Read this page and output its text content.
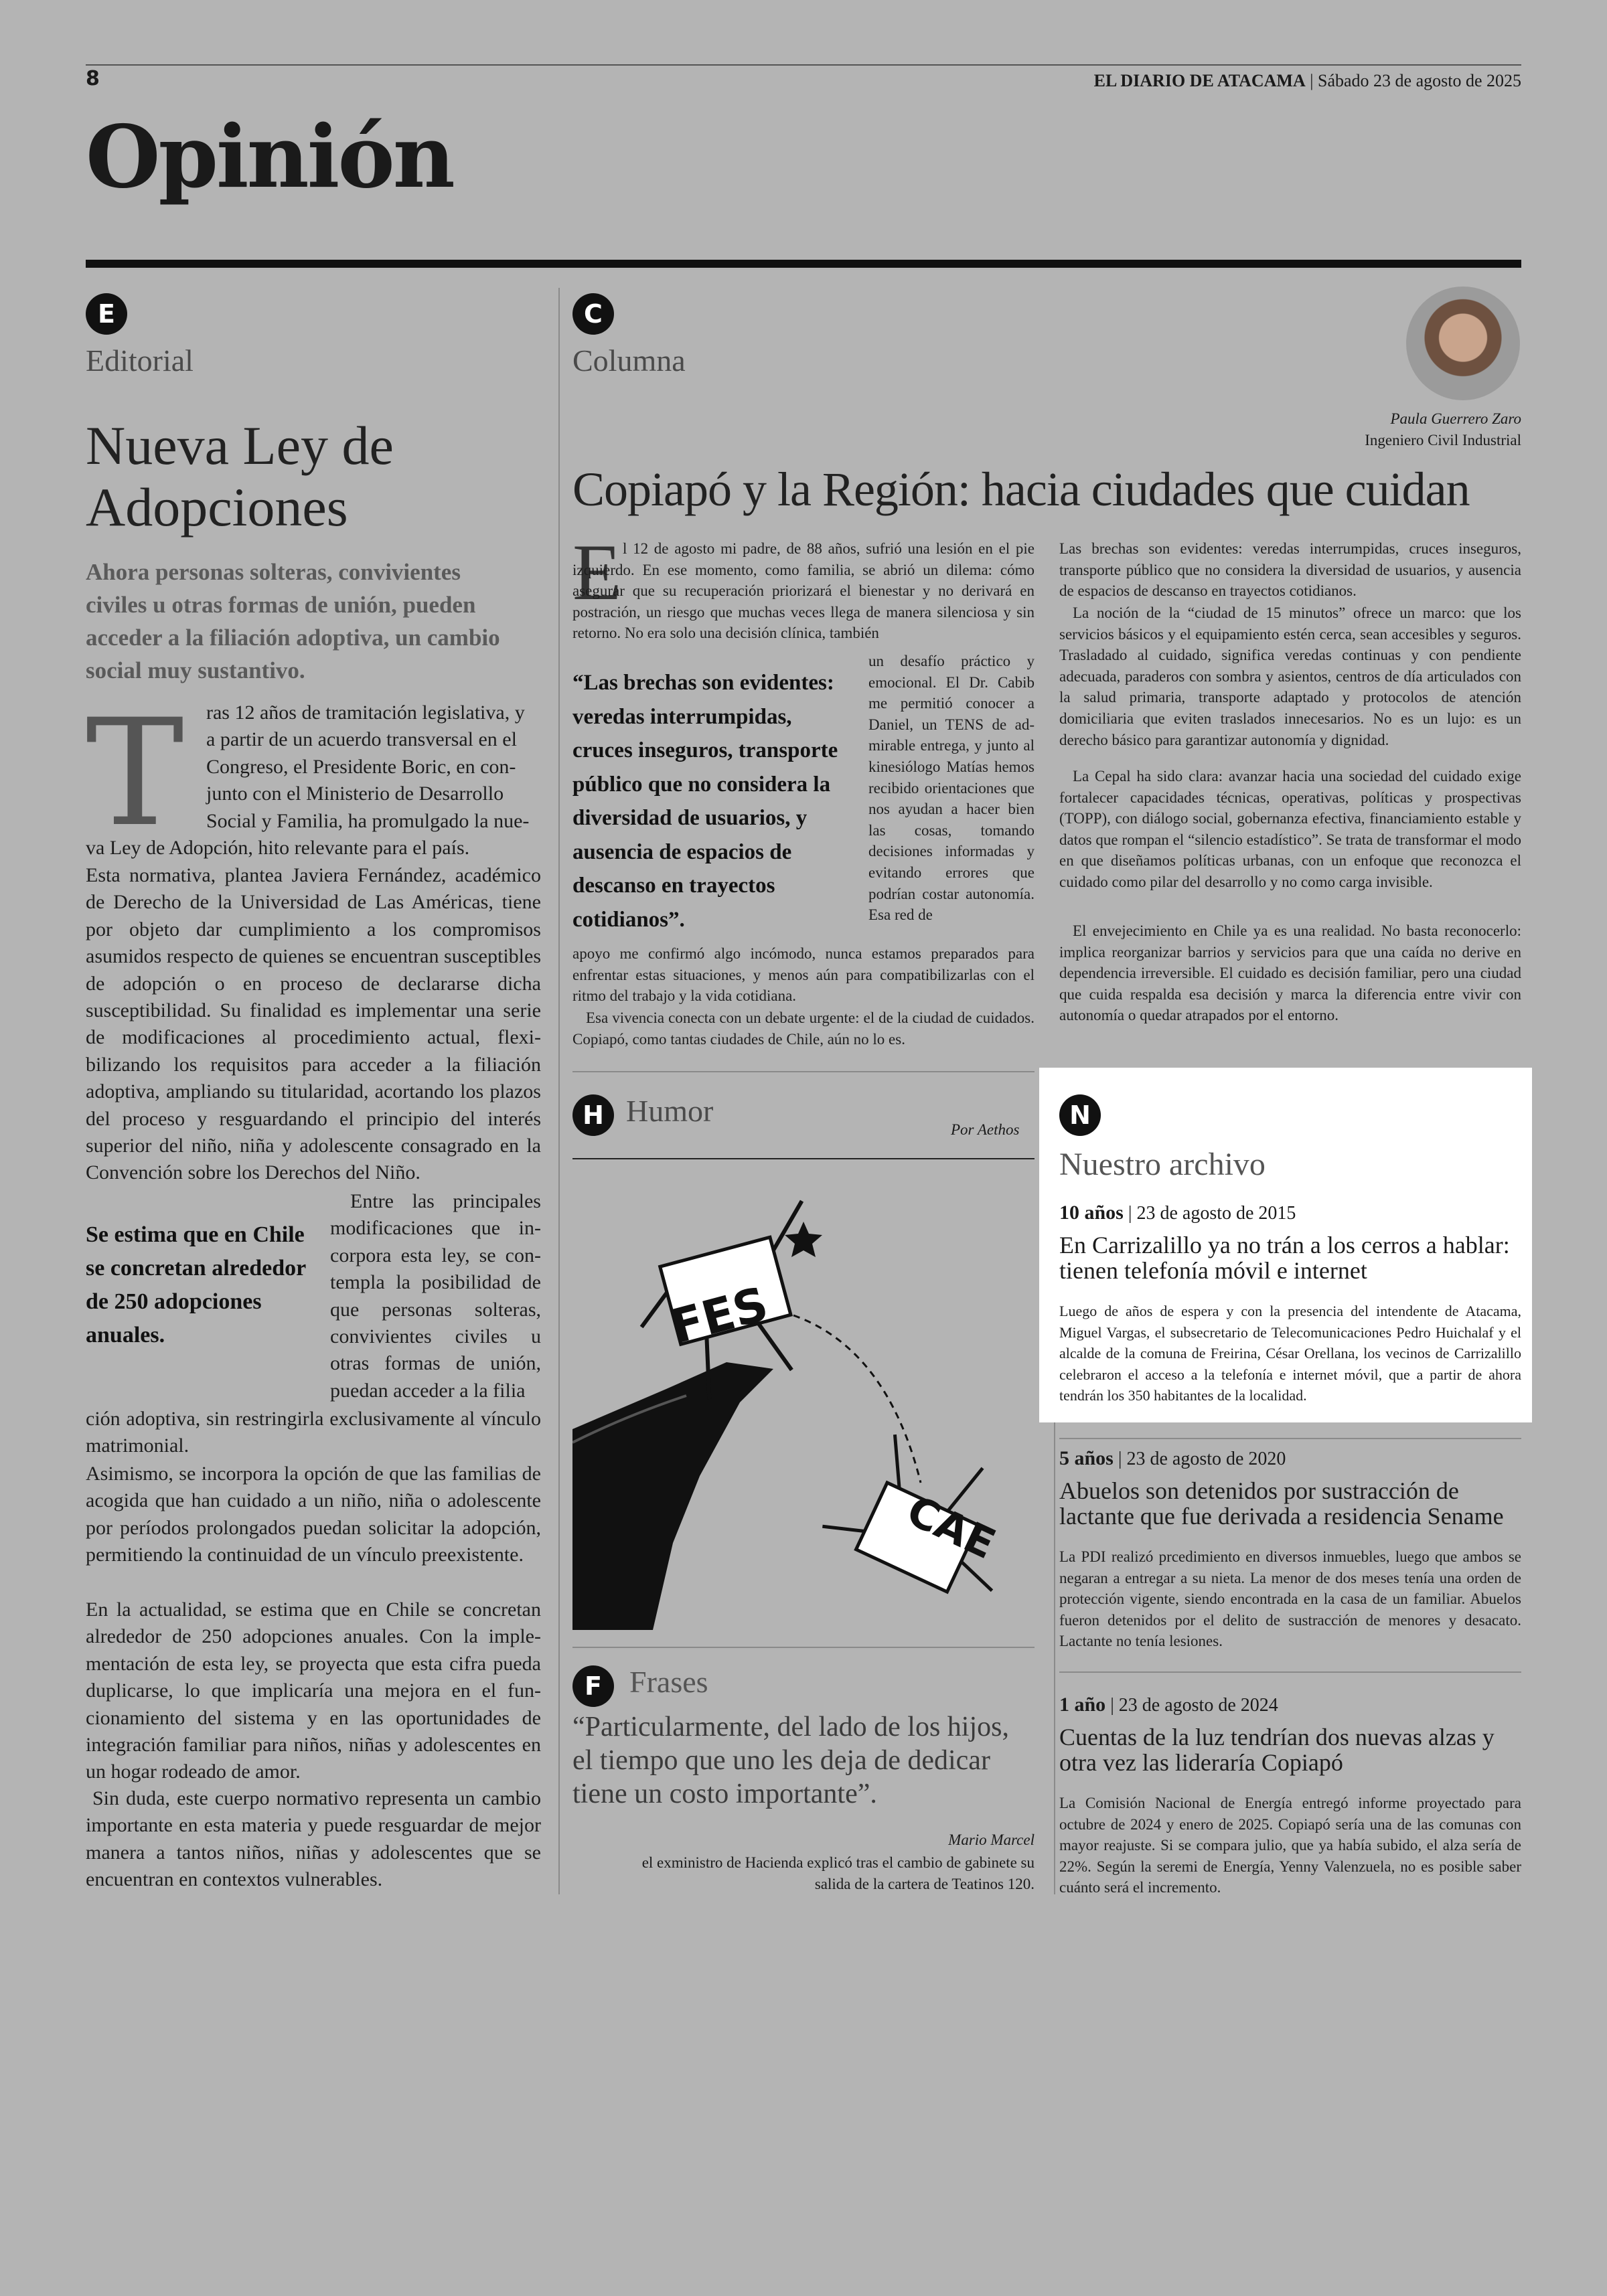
8	EL DIARIO DE ATACAMA | Sábado 23 de agosto de 2025
Opinión
E
Editorial
Nueva Ley de
Adopciones
Ahora personas solteras, convivientes civiles u otras formas de unión, pueden acceder a la filiación adoptiva, un cambio social muy sustantivo.
T ras 12 años de tramitación legislativa, y
a partir de un acuerdo transversal en el
Congreso, el Presidente Boric, en con-
junto con el Ministerio de Desarrollo
Social y Familia, ha promulgado la nue-
va Ley de Adopción, hito relevante para el país.
Esta normativa, plantea Javiera Fernández, académico de Derecho de la Universidad de Las Américas, tiene por objeto dar cumplimiento a los compromisos asumidos respecto de quienes se encuentran susceptibles de adopción o en proceso de declararse dicha susceptibilidad. Su finalidad es implementar una serie de modificaciones al procedimiento actual, flexibilizando los requisitos para acceder a la filiación adoptiva, ampliando su titularidad, acortando los plazos del proceso y resguardando el principio del interés superior del niño, niña y adolescente consagrado en la Convención sobre los Derechos del Niño.
Se estima que en Chile se concretan alrededor de 250 adopciones anuales.
Entre las principales modificaciones que incorpora esta ley, se contempla la posibilidad de que personas solteras, convivientes civiles u otras formas de unión, puedan acceder a la filia
ción adoptiva, sin restringirla exclusivamente al vínculo matrimonial.
Asimismo, se incorpora la opción de que las familias de acogida que han cuidado a un niño, niña o adolescente por períodos prolongados puedan solicitar la adopción, permitiendo la continuidad de un vínculo preexistente.
En la actualidad, se estima que en Chile se concretan alrededor de 250 adopciones anuales. Con la implementación de esta ley, se proyecta que esta cifra pueda duplicarse, lo que implicaría una mejora en el funcionamiento del sistema y en las oportunidades de integración familiar para niños, niñas y adolescentes en un hogar rodeado de amor.
Sin duda, este cuerpo normativo representa un cambio importante en esta materia y puede resguardar de mejor manera a tantos niños, niñas y adolescentes que se encuentran en contextos vulnerables.
C
Columna
Paula Guerrero Zaro
Ingeniero Civil Industrial
Copiapó y la Región: hacia ciudades que cuidan
E l 12 de agosto mi padre, de 88 años, sufrió una lesión en el pie izquierdo. En ese momento, como familia, se abrió un dilema: cómo asegurar que su recuperación priorizará el bienestar y no derivará en postración, un riesgo que muchas veces llega de manera silenciosa y sin retorno. No era solo una decisión clínica, también
“Las brechas son evidentes: veredas interrumpidas, cruces inseguros, transporte público que no considera la diversidad de usuarios, y ausencia de espacios de descanso en trayectos cotidianos”.
un desafío práctico y emocional. El Dr. Cabib me permitió conocer a Daniel, un TENS de admirable entrega, y junto al kinesiólogo Matías hemos recibido orientaciones que nos ayudan a hacer bien las cosas, tomando decisiones informadas y evitando errores que podrían costar autonomía. Esa red de
apoyo me confirmó algo incómodo, nunca estamos preparados para enfrentar estas situaciones, y menos aún para compatibilizarlas con el ritmo del trabajo y la vida cotidiana.
Esa vivencia conecta con un debate urgente: el de la ciudad de cuidados. Copiapó, como tantas ciudades de Chile, aún no lo es.
Las brechas son evidentes: veredas interrumpidas, cruces inseguros, transporte público que no considera la diversidad de usuarios, y ausencia de espacios de descanso en trayectos cotidianos.
La noción de la “ciudad de 15 minutos” ofrece un marco: que los servicios básicos y el equipamiento estén cerca, sean accesibles y seguros. Trasladado al cuidado, significa veredas continuas y con pendiente adecuada, paraderos con sombra y asientos, centros de día articulados con la salud primaria, transporte adaptado y protocolos de atención domiciliaria que eviten traslados innecesarios. No es un lujo: es un derecho básico para garantizar autonomía y dignidad.
La Cepal ha sido clara: avanzar hacia una sociedad del cuidado exige fortalecer capacidades técnicas, operativas, políticas y prospectivas (TOPP), con diálogo social, gobernanza efectiva, financiamiento estable y datos que rompan el “silencio estadístico”. Se trata de transformar el modo en que diseñamos políticas urbanas, con un enfoque que reconozca el cuidado como pilar del desarrollo y no como carga invisible.
El envejecimiento en Chile ya es una realidad. No basta reconocerlo: implica reorganizar barrios y servicios para que una caída no derive en dependencia irreversible. El cuidado es decisión familiar, pero una ciudad que cuida respalda esa decisión y marca la diferencia entre vivir con autonomía o quedar atrapados por el entorno.
H Humor
Por Aethos
FES
CAE
F Frases
“Particularmente, del lado de los hijos, el tiempo que uno les deja de dedicar tiene un costo importante”.
Mario Marcel
el exministro de Hacienda explicó tras el cambio de gabinete su salida de la cartera de Teatinos 120.
N
Nuestro archivo
10 años | 23 de agosto de 2015
En Carrizalillo ya no trán a los cerros a hablar: tienen telefonía móvil e internet
Luego de años de espera y con la presencia del intendente de Atacama, Miguel Vargas, el subsecretario de Telecomunicaciones Pedro Huichalaf y el alcalde de la comuna de Freirina, César Orellana, los vecinos de Carrizalillo celebraron el acceso a la telefonía e internet móvil, que a partir de ahora tendrán los 350 habitantes de la localidad.
5 años | 23 de agosto de 2020
Abuelos son detenidos por sustracción de lactante que fue derivada a residencia Sename
La PDI realizó prcedimiento en diversos inmuebles, luego que ambos se negaran a entregar a su nieta. La menor de dos meses tenía una orden de protección vigente, siendo encontrada en la casa de un familiar. Abuelos fueron detenidos por el delito de sustracción de menores y desacato. Lactante no tenía lesiones.
1 año | 23 de agosto de 2024
Cuentas de la luz tendrían dos nuevas alzas y otra vez las lideraría Copiapó
La Comisión Nacional de Energía entregó informe proyectado para octubre de 2024 y enero de 2025. Copiapó sería una de las comunas con mayor reajuste. Si se compara julio, que ya había subido, el alza sería de 22%. Según la seremi de Energía, Yenny Valenzuela, no es posible saber cuánto será el incremento.
